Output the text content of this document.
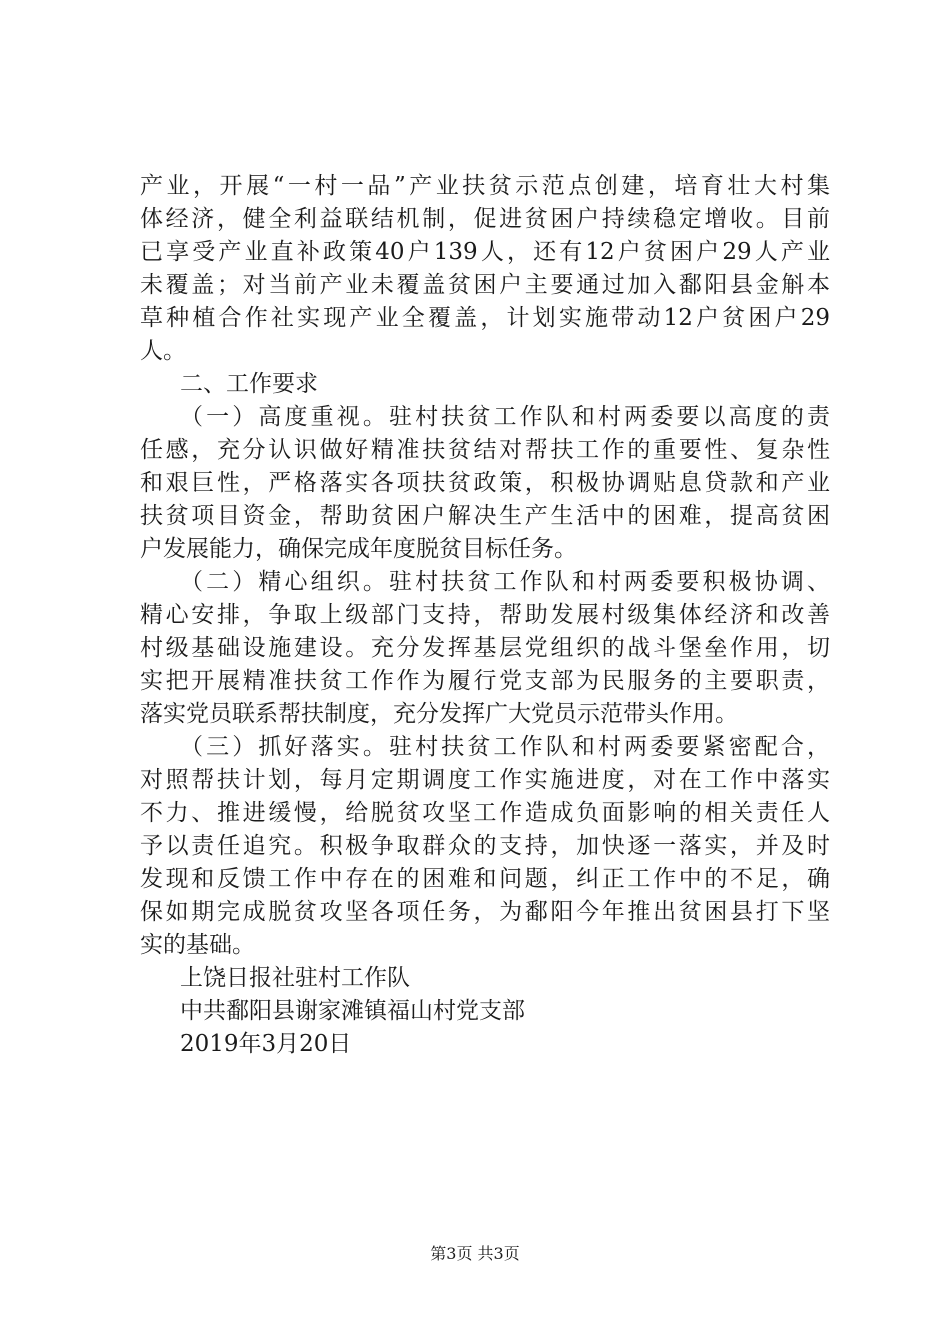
产业，开展“一村一品”产业扶贫示范点创建，培育壮大村集
体经济，健全利益联结机制，促进贫困户持续稳定增收。目前
已享受产业直补政策40户139人，还有12户贫困户29人产业
未覆盖；对当前产业未覆盖贫困户主要通过加入鄱阳县金斛本
草种植合作社实现产业全覆盖，计划实施带动12户贫困户29
人。
二、工作要求
（一）高度重视。驻村扶贫工作队和村两委要以高度的责
任感，充分认识做好精准扶贫结对帮扶工作的重要性、复杂性
和艰巨性，严格落实各项扶贫政策，积极协调贴息贷款和产业
扶贫项目资金，帮助贫困户解决生产生活中的困难，提高贫困
户发展能力，确保完成年度脱贫目标任务。
（二）精心组织。驻村扶贫工作队和村两委要积极协调、
精心安排，争取上级部门支持，帮助发展村级集体经济和改善
村级基础设施建设。充分发挥基层党组织的战斗堡垒作用，切
实把开展精准扶贫工作作为履行党支部为民服务的主要职责，
落实党员联系帮扶制度，充分发挥广大党员示范带头作用。
（三）抓好落实。驻村扶贫工作队和村两委要紧密配合，
对照帮扶计划，每月定期调度工作实施进度，对在工作中落实
不力、推进缓慢，给脱贫攻坚工作造成负面影响的相关责任人
予以责任追究。积极争取群众的支持，加快逐一落实，并及时
发现和反馈工作中存在的困难和问题，纠正工作中的不足，确
保如期完成脱贫攻坚各项任务，为鄱阳今年推出贫困县打下坚
实的基础。
上饶日报社驻村工作队
中共鄱阳县谢家滩镇福山村党支部
2019年3月20日
第3页 共3页
